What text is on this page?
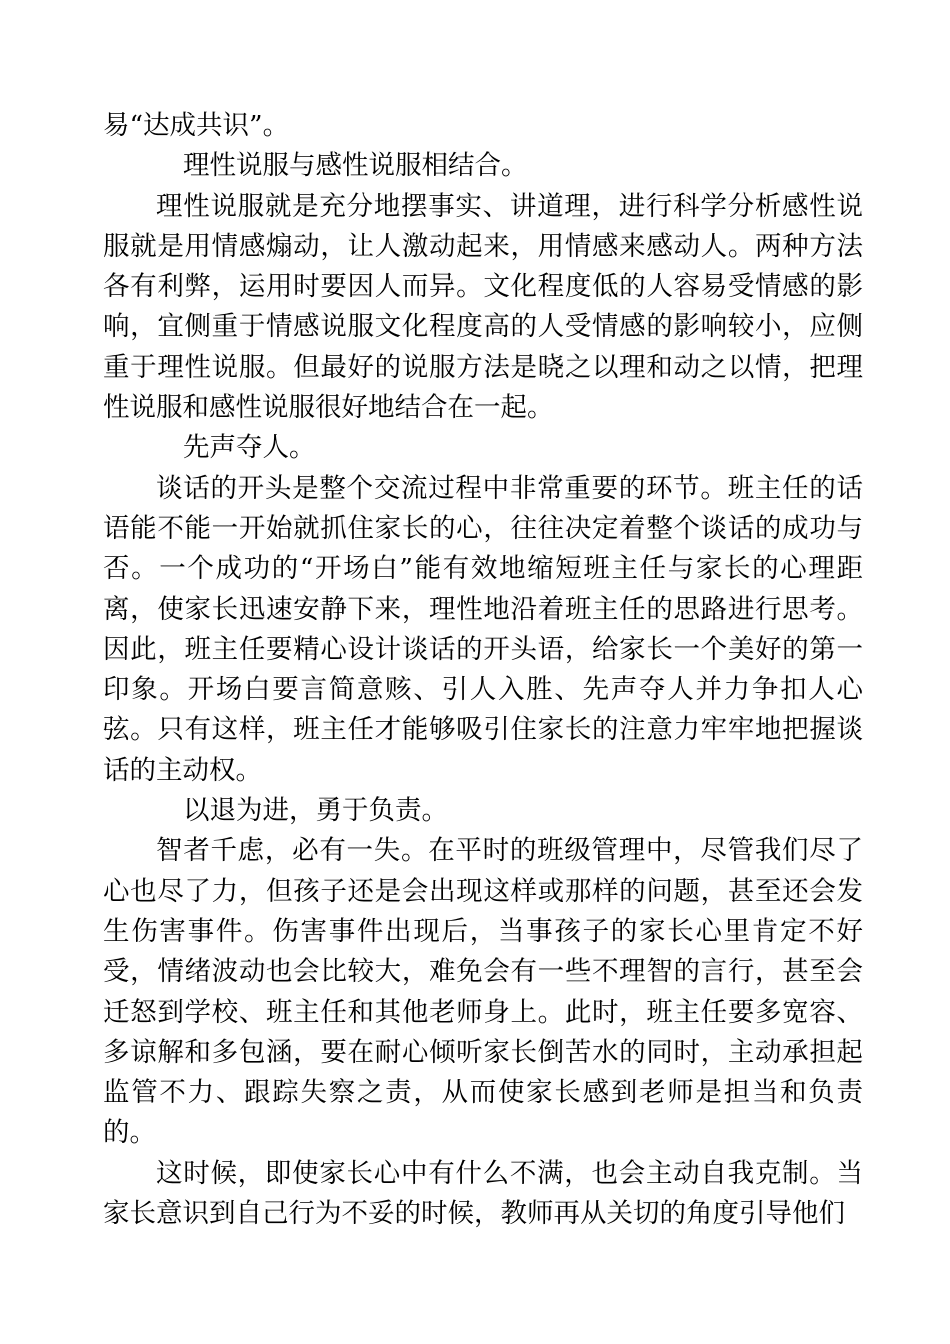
易“达成共识”。

理性说服与感性说服相结合。

理性说服就是充分地摆事实、讲道理，进行科学分析感性说服就是用情感煽动，让人激动起来，用情感来感动人。两种方法各有利弊，运用时要因人而异。文化程度低的人容易受情感的影响，宜侧重于情感说服文化程度高的人受情感的影响较小，应侧重于理性说服。但最好的说服方法是晓之以理和动之以情，把理性说服和感性说服很好地结合在一起。

先声夺人。

谈话的开头是整个交流过程中非常重要的环节。班主任的话语能不能一开始就抓住家长的心，往往决定着整个谈话的成功与否。一个成功的“开场白”能有效地缩短班主任与家长的心理距离，使家长迅速安静下来，理性地沿着班主任的思路进行思考。因此，班主任要精心设计谈话的开头语，给家长一个美好的第一印象。开场白要言简意赅、引人入胜、先声夺人并力争扣人心弦。只有这样，班主任才能够吸引住家长的注意力牢牢地把握谈话的主动权。

以退为进，勇于负责。

智者千虑，必有一失。在平时的班级管理中，尽管我们尽了心也尽了力，但孩子还是会出现这样或那样的问题，甚至还会发生伤害事件。伤害事件出现后，当事孩子的家长心里肯定不好受，情绪波动也会比较大，难免会有一些不理智的言行，甚至会迁怒到学校、班主任和其他老师身上。此时，班主任要多宽容、多谅解和多包涵，要在耐心倾听家长倒苦水的同时，主动承担起监管不力、跟踪失察之责，从而使家长感到老师是担当和负责的。

这时候，即使家长心中有什么不满，也会主动自我克制。当家长意识到自己行为不妥的时候，教师再从关切的角度引导他们
